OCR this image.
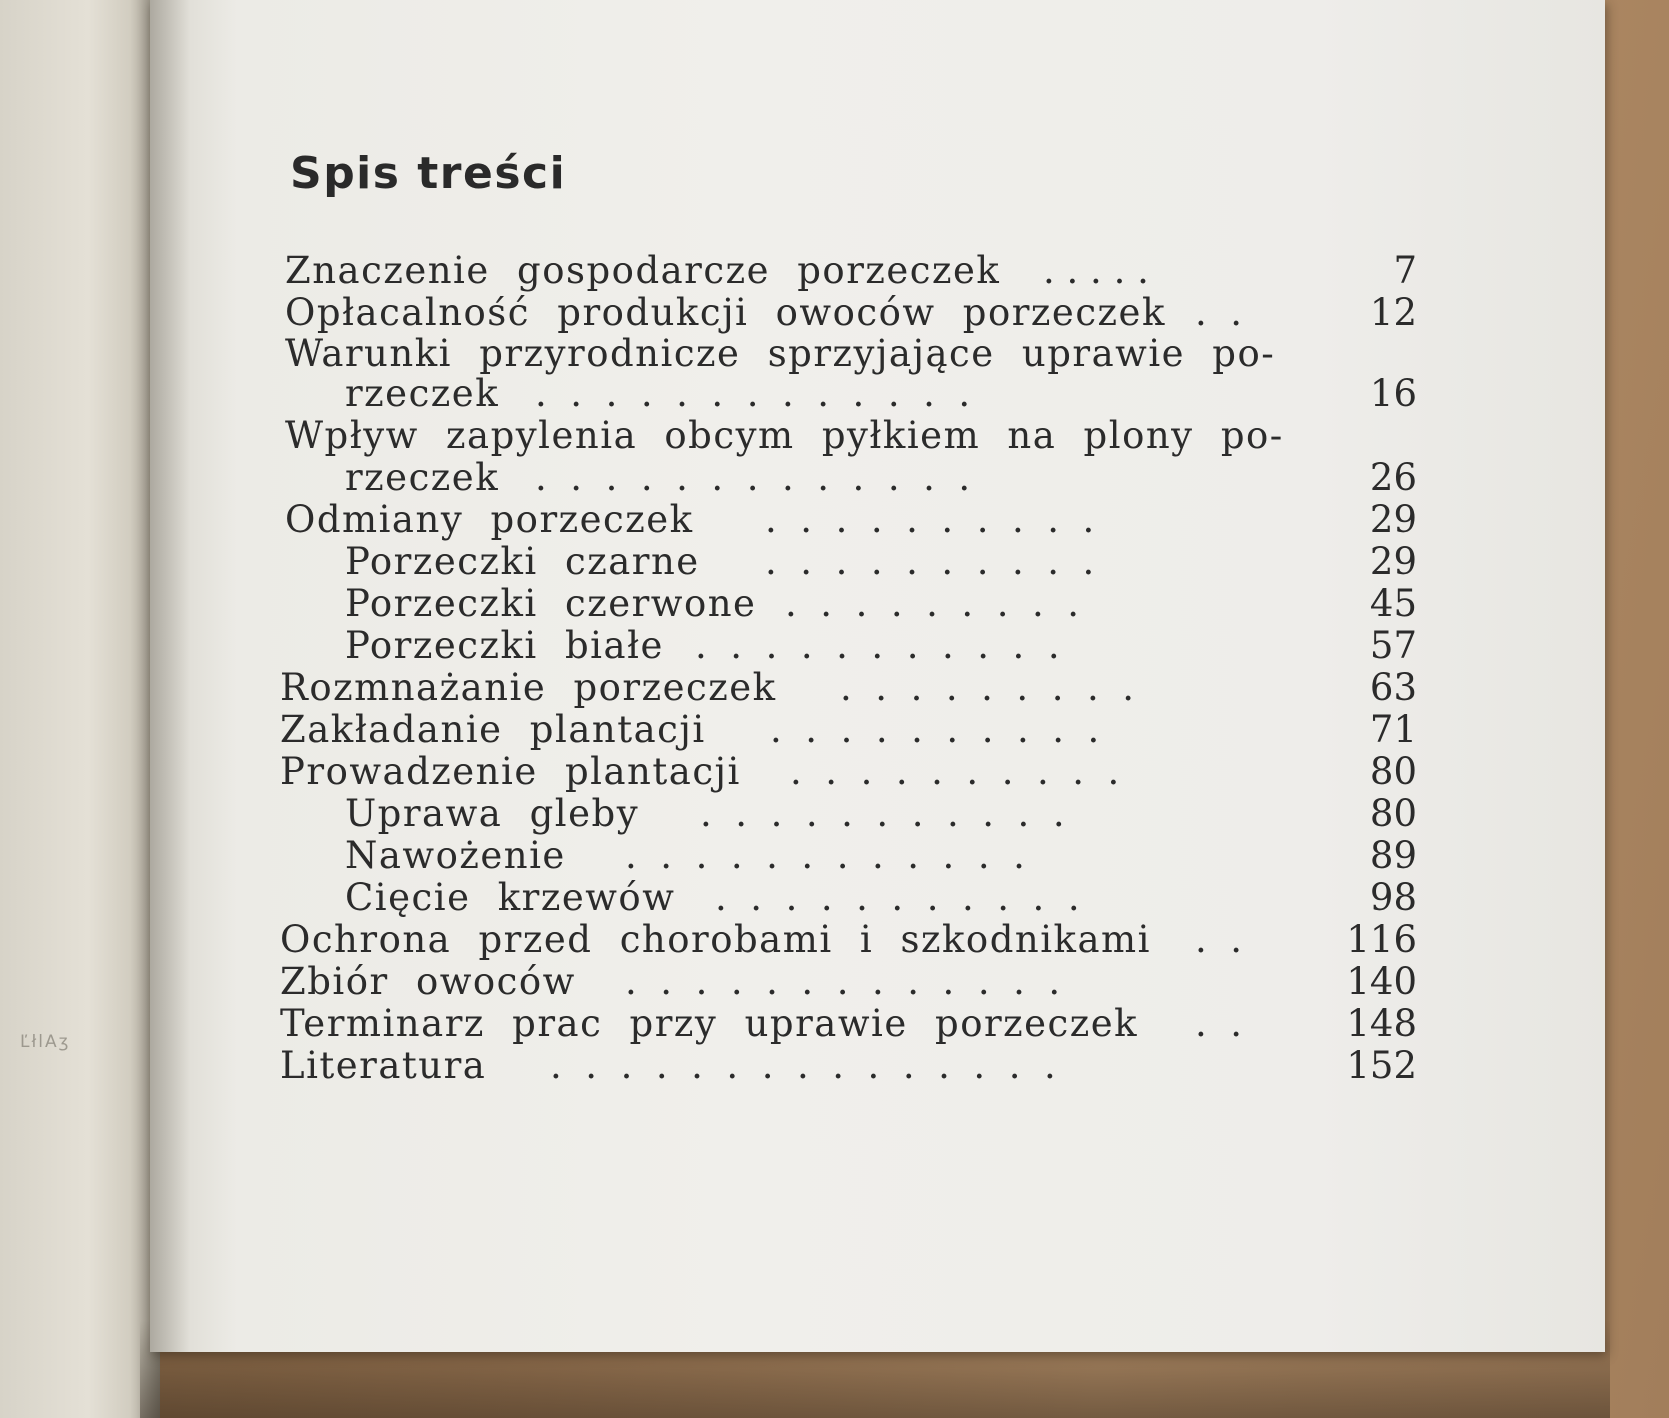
ĽłlAʒ
Spis treści
Znaczenie gospodarcze porzeczek . . . . .	7
Opłacalność produkcji owoców porzeczek .  .	12
Warunki przyrodnicze sprzyjające uprawie po-
rzeczek .  .  .  .  .  .  .  .  .  .  .  .  .	16
Wpływ zapylenia obcym pyłkiem na plony po-
rzeczek .  .  .  .  .  .  .  .  .  .  .  .  .	26
Odmiany porzeczek .  .  .  .  .  .  .  .  .  .	29
Porzeczki czarne .  .  .  .  .  .  .  .  .  .	29
Porzeczki czerwone .  .  .  .  .  .  .  .  .	45
Porzeczki białe .  .  .  .  .  .  .  .  .  .  .	57
Rozmnażanie porzeczek .  .  .  .  .  .  .  .  .	63
Zakładanie plantacji .  .  .  .  .  .  .  .  .  .	71
Prowadzenie plantacji .  .  .  .  .  .  .  .  .  .	80
Uprawa gleby .  .  .  .  .  .  .  .  .  .  .	80
Nawożenie .  .  .  .  .  .  .  .  .  .  .  .	89
Cięcie krzewów .  .  .  .  .  .  .  .  .  .  .	98
Ochrona przed chorobami i szkodnikami .  .	116
Zbiór owoców .  .  .  .  .  .  .  .  .  .  .  .  .	140
Terminarz prac przy uprawie porzeczek .  .	148
Literatura .  .  .  .  .  .  .  .  .  .  .  .  .  .  .	152
